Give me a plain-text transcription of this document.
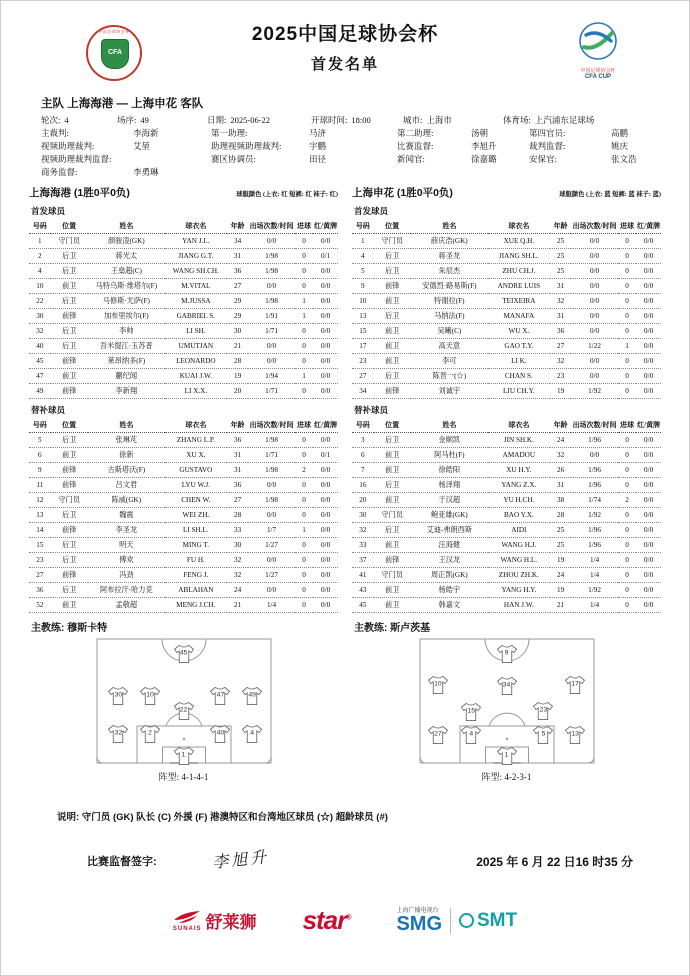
中国足球协会杯
CFA
2025中国足球协会杯
首发名单	中国足球协会杯
CFA CUP
主队 上海海港 — 上海申花 客队
轮次: 4	场序: 49	日期: 2025-06-22	开球时间: 18:00	城市: 上海市	体育场: 上汽浦东足球场
主裁判:	李海新	第一助理:	马济	第二助理:	汤朝	第四官员:	高鹏
视频助理裁判:	艾堃	助理视频助理裁判:	宇鹏	比赛监督:	李旭升	裁判监督:	姚庆
视频助理裁判监督:	赛区协调员:	田径	新闻官:	徐嘉璐	安保官:	张文浩
商务监督:	李勇琳
上海海港 (1胜0平0负)	球服颜色 (上衣: 红 短裤: 红 袜子: 红)
首发球员
号码	位置	姓名	球衣名	年龄	出场次数/时间	进球	红/黄牌
1	守门员	颜骏凌(GK)	YAN J.L.	34	0/0	0	0/0
2	后卫	蒋光太	JIANG G.T.	31	1/98	0	0/1
4	后卫	王燊超(C)	WANG SH.CH.	36	1/98	0	0/0
10	前卫	马特乌斯·维塔尔(F)	M.VITAL	27	0/0	0	0/0
22	后卫	马修斯·尤萨(F)	M.JUSSA	29	1/98	1	0/0
30	前锋	加布里埃尔(F)	GABRIEL S.	29	1/91	1	0/0
32	后卫	李帅	LI SH.	30	1/71	0	0/0
40	后卫	吾米提江·玉苏普	UMUTJAN	21	0/0	0	0/0
45	前锋	莱昂纳多(F)	LEONARDO	28	0/0	0	0/0
47	前卫	蒯纪闻	KUAI J.W.	19	1/94	1	0/0
49	前锋	李新翔	LI X.X.	20	1/71	0	0/0
替补球员
号码	位置	姓名	球衣名	年龄	出场次数/时间	进球	红/黄牌
5	后卫	张琳芃	ZHANG L.P.	36	1/98	0	0/0
6	前卫	徐新	XU X.	31	1/71	0	0/1
9	前锋	古斯塔沃(F)	GUSTAVO	31	1/98	2	0/0
11	前锋	吕文君	LYU W.J.	36	0/0	0	0/0
12	守门员	陈威(GK)	CHEN W.	27	1/98	0	0/0
13	后卫	魏震	WEI ZH.	28	0/0	0	0/0
14	前锋	李圣龙	LI SH.L.	33	1/7	1	0/0
15	后卫	明天	MING T.	30	1/27	0	0/0
23	后卫	傅欢	FU H.	32	0/0	0	0/0
27	前锋	冯劲	FENG J.	32	1/27	0	0/0
36	后卫	阿布拉汗·哈力克	ABLAHAN	24	0/0	0	0/0
52	前卫	孟敬超	MENG J.CH.	21	1/4	0	0/0
主教练: 穆斯卡特
45
30	10	47	49
22
32	2	40	4
1
阵型: 4-1-4-1
上海申花 (1胜0平0负)	球服颜色 (上衣: 蓝 短裤: 蓝 袜子: 蓝)
首发球员
号码	位置	姓名	球衣名	年龄	出场次数/时间	进球	红/黄牌
1	守门员	薛庆浩(GK)	XUE Q.H.	25	0/0	0	0/0
4	后卫	蒋圣龙	JIANG SH.L.	25	0/0	0	0/0
5	后卫	朱辰杰	ZHU CH.J.	25	0/0	0	0/0
9	前锋	安德烈·路易斯(F)	ANDRE LUIS	31	0/0	0	0/0
10	前卫	特谢拉(F)	TEIXEIRA	32	0/0	0	0/0
13	后卫	马纳法(F)	MANAFA	31	0/0	0	0/0
15	前卫	吴曦(C)	WU X.	36	0/0	0	0/0
17	前卫	高天意	GAO T.Y.	27	1/22	1	0/0
23	前卫	李可	LI K.	32	0/0	0	0/0
27	后卫	陈晋一(☆)	CHAN S.	23	0/0	0	0/0
34	前锋	刘诚宇	LIU CH.Y.	19	1/92	0	0/0
替补球员
号码	位置	姓名	球衣名	年龄	出场次数/时间	进球	红/黄牌
3	后卫	金顺凯	JIN SH.K.	24	1/96	0	0/0
6	前卫	阿马杜(F)	AMADOU	32	0/0	0	0/0
7	前卫	徐皓阳	XU H.Y.	26	1/96	0	0/0
16	后卫	杨泽翔	YANG Z.X.	31	1/96	0	0/0
20	前卫	于汉超	YU H.CH.	38	1/74	2	0/0
30	守门员	鲍亚雄(GK)	BAO Y.X.	28	1/92	0	0/0
32	后卫	艾迪-弗朗西斯	AIDI	25	1/96	0	0/0
33	前卫	汪海健	WANG H.J.	25	1/96	0	0/0
37	前锋	王汉龙	WANG H.L.	19	1/4	0	0/0
41	守门员	周正凯(GK)	ZHOU ZH.K.	24	1/4	0	0/0
43	前卫	杨皓宇	YANG H.Y.	19	1/92	0	0/0
45	前卫	韩嘉文	HAN J.W.	21	1/4	0	0/0
主教练: 斯卢茨基
9
10	34	17
15	23
27	4	5	13
1
阵型: 4-2-3-1
说明: 守门员 (GK) 队长 (C) 外援 (F) 港澳特区和台湾地区球员 (☆) 超龄球员 (#)
比赛监督签字:	李旭升	2025 年 6 月 22 日16 时35 分
SUNAIS 舒莱狮 star®
上海广播电视台
SMG SMT
